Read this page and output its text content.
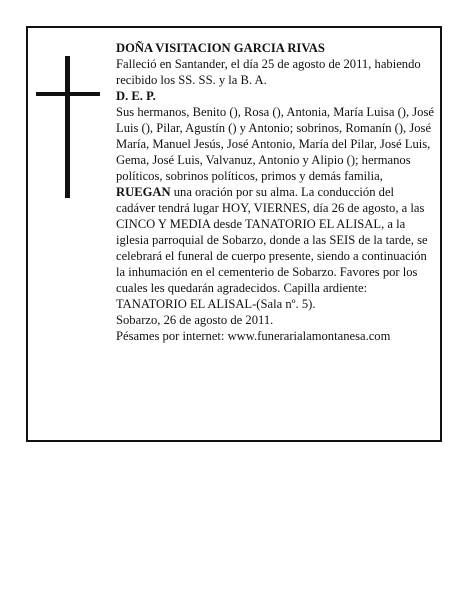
DOÑA VISITACION GARCIA RIVAS

Falleció en Santander, el día 25 de agosto de 2011, habiendo recibido los SS. SS. y la B. A.

D. E. P.

Sus hermanos, Benito (), Rosa (), Antonia, María Luisa (), José Luis (), Pilar, Agustín () y Antonio; sobrinos, Romanín (), José María, Manuel Jesús, José Antonio, María del Pilar, José Luis, Gema, José Luis, Valvanuz, Antonio y Alipio (); hermanos políticos, sobrinos políticos, primos y demás familia,

RUEGAN una oración por su alma. La conducción del cadáver tendrá lugar HOY, VIERNES, día 26 de agosto, a las CINCO Y MEDIA desde TANATORIO EL ALISAL, a la iglesia parroquial de Sobarzo, donde a las SEIS de la tarde, se celebrará el funeral de cuerpo presente, siendo a continuación la inhumación en el cementerio de Sobarzo. Favores por los cuales les quedarán agradecidos. Capilla ardiente: TANATORIO EL ALISAL-(Sala nº. 5).

Sobarzo, 26 de agosto de 2011.

Pésames por internet: www.funerarialamontanesa.com
